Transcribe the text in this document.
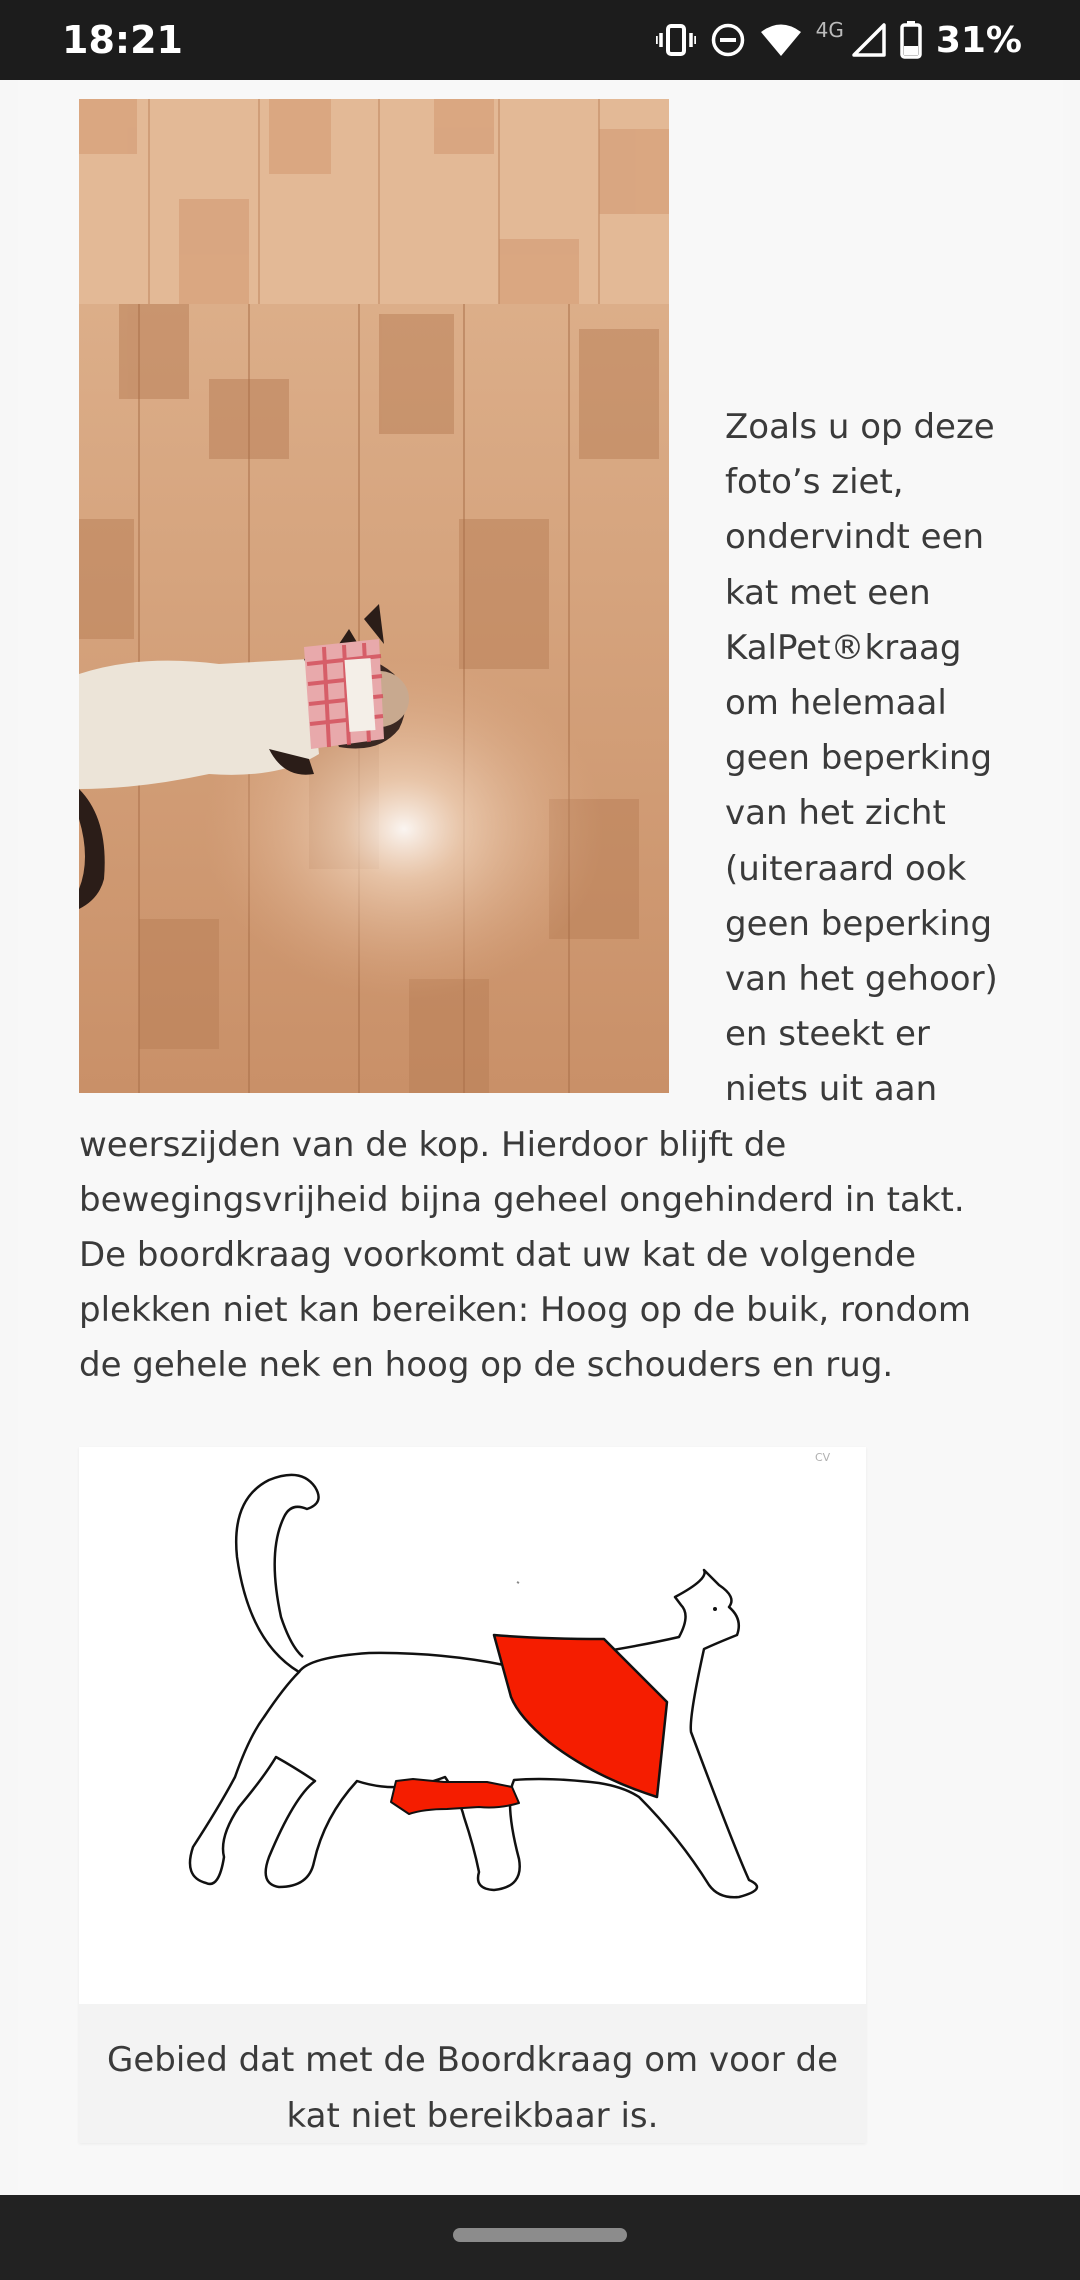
18:21	4G	31%
Zoals u op deze foto’s ziet, ondervindt een kat met een KalPet®kraag om helemaal geen beperking van het zicht (uiteraard ook geen beperking van het gehoor) en steekt er niets uit aan weerszijden van de kop. Hierdoor blijft de bewegingsvrijheid bijna geheel ongehinderd in takt. De boordkraag voorkomt dat uw kat de volgende plekken niet kan bereiken: Hoog op de buik, rondom de gehele nek en hoog op de schouders en rug.
CV
Gebied dat met de Boordkraag om voor de kat niet bereikbaar is.
